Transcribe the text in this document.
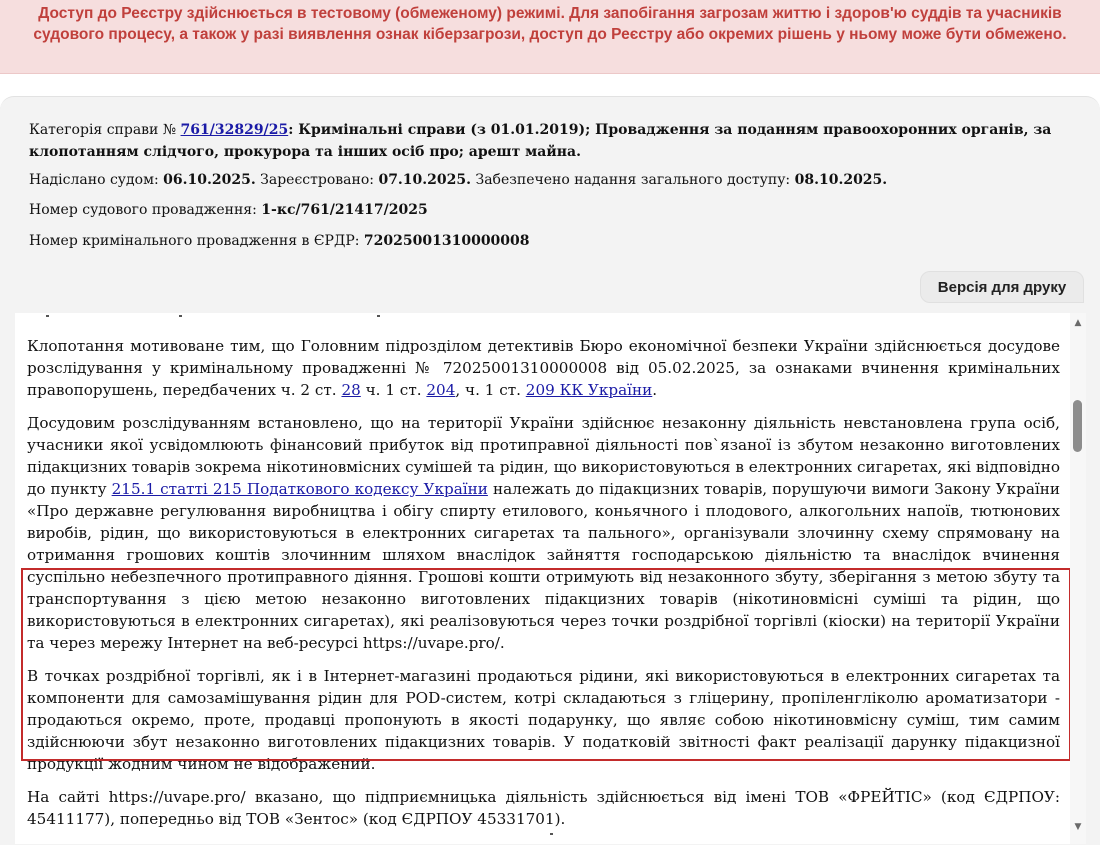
Доступ до Реєстру здійснюється в тестовому (обмеженому) режимі. Для запобігання загрозам життю і здоров'ю суддів та учасників судового процесу, а також у разі виявлення ознак кіберзагрози, доступ до Реєстру або окремих рішень у ньому може бути обмежено.
Категорія справи № 761/32829/25: Кримінальні справи (з 01.01.2019); Провадження за поданням правоохоронних органів, за клопотанням слідчого, прокурора та інших осіб про; арешт майна.
Надіслано судом: 06.10.2025. Зареєстровано: 07.10.2025. Забезпечено надання загального доступу: 08.10.2025.
Номер судового провадження: 1-кс/761/21417/2025
Номер кримінального провадження в ЄРДР: 72025001310000008
Версія для друку

Клопотання мотивоване тим, що Головним підрозділом детективів Бюро економічної безпеки України здійснюється досудове розслідування у кримінальному провадженні № 72025001310000008 від 05.02.2025, за ознаками вчинення кримінальних правопорушень, передбачених ч. 2 ст. 28 ч. 1 ст. 204, ч. 1 ст. 209 КК України.

Досудовим розслідуванням встановлено, що на території України здійснює незаконну діяльність невстановлена група осіб, учасники якої усвідомлюють фінансовий прибуток від протиправної діяльності пов`язаної із збутом незаконно виготовлених підакцизних товарів зокрема нікотиновмісних сумішей та рідин, що використовуються в електронних сигаретах, які відповідно до пункту 215.1 статті 215 Податкового кодексу України належать до підакцизних товарів, порушуючи вимоги Закону України «Про державне регулювання виробництва і обігу спирту етилового, коньячного і плодового, алкогольних напоїв, тютюнових виробів, рідин, що використовуються в електронних сигаретах та пального», організували злочинну схему спрямовану на отримання грошових коштів злочинним шляхом внаслідок зайняття господарською діяльністю та внаслідок вчинення суспільно небезпечного протиправного діяння. Грошові кошти отримують від незаконного збуту, зберігання з метою збуту та транспортування з цією метою незаконно виготовлених підакцизних товарів (нікотиновмісні суміші та рідин, що використовуються в електронних сигаретах), які реалізовуються через точки роздрібної торгівлі (кіоски) на території України та через мережу Інтернет на веб-ресурсі https://uvape.pro/.

В точках роздрібної торгівлі, як і в Інтернет-магазині продаються рідини, які використовуються в електронних сигаретах та компоненти для самозамішування рідин для POD-систем, котрі складаються з гліцерину, пропіленгліколю ароматизатори - продаються окремо, проте, продавці пропонують в якості подарунку, що являє собою нікотиновмісну суміш, тим самим здійснюючи збут незаконно виготовлених підакцизних товарів. У податковій звітності факт реалізації дарунку підакцизної продукції жодним чином не відображений.

На сайті https://uvape.pro/ вказано, що підприємницька діяльність здійснюється від імені ТОВ «ФРЕЙТІС» (код ЄДРПОУ: 45411177), попередньо від ТОВ «Зентос» (код ЄДРПОУ 45331701).

▲
▼
